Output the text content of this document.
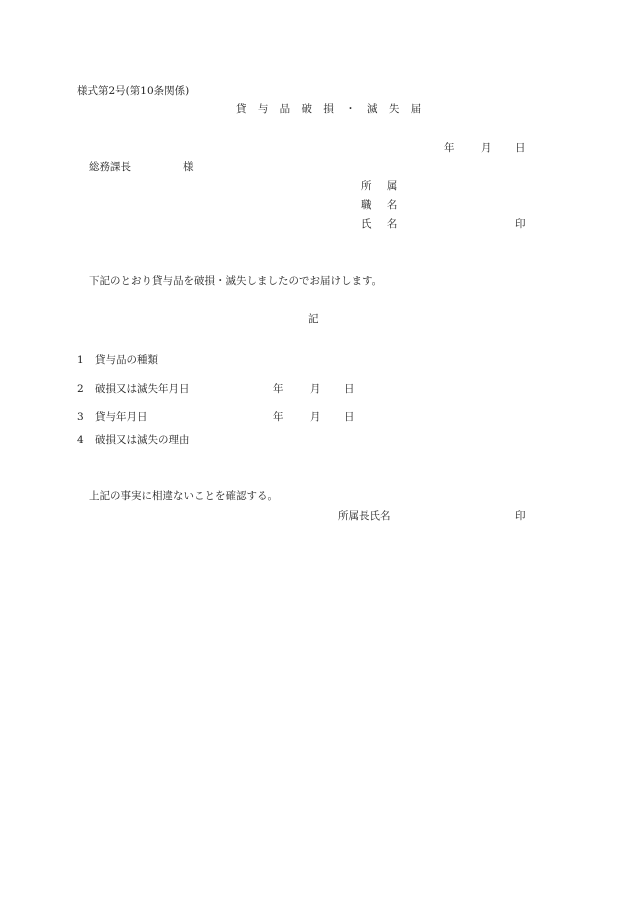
様式第2号(第10条関係)
貸 与 品 破 損 ・ 滅 失 届
年	月 日
総務課長	様
所 属
職 名
氏 名	印
下記のとおり貸与品を破損・滅失しましたのでお届けします。
記
1 貸与品の種類
2 破損又は滅失年月日	年	月 日
3 貸与年月日	年	月 日
4 破損又は滅失の理由
上記の事実に相違ないことを確認する。
所属長氏名	印
